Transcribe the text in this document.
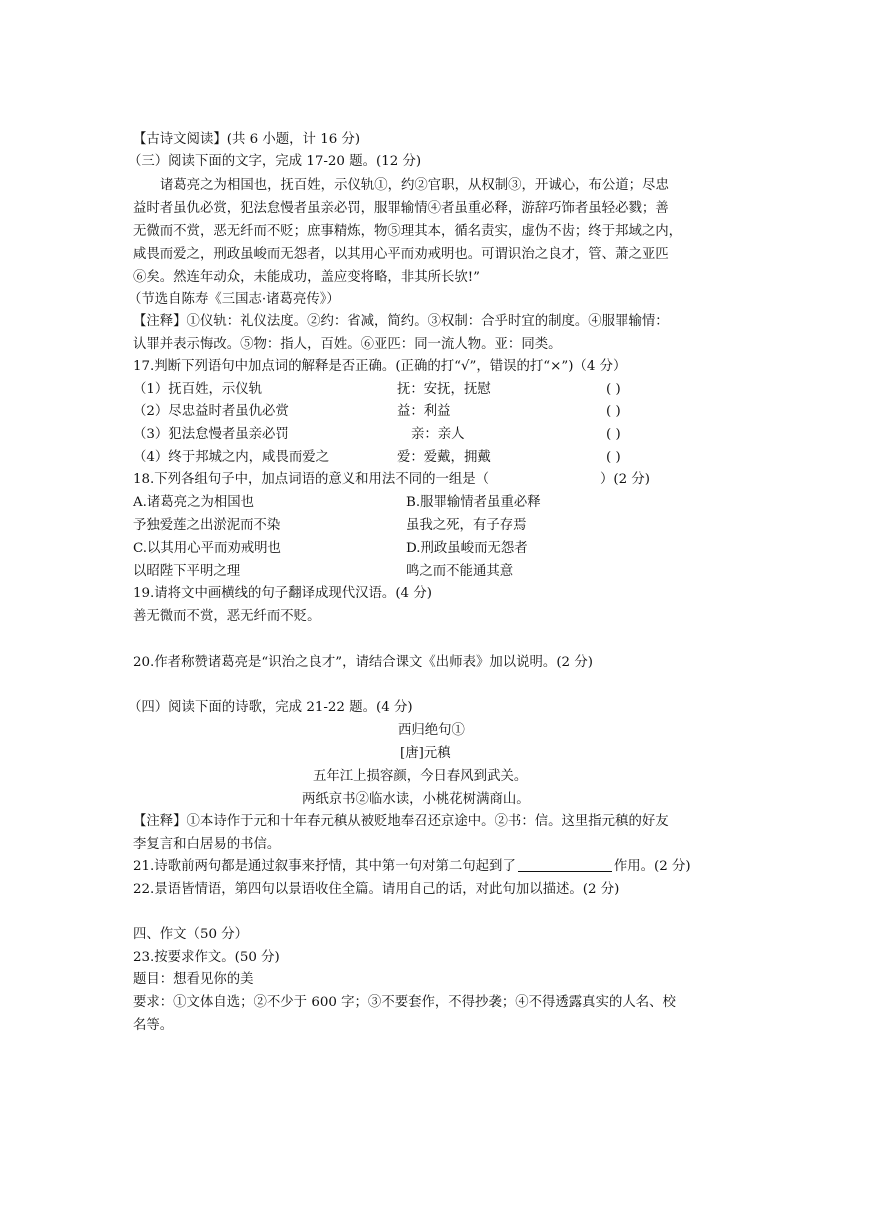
【古诗文阅读】(共 6 小题，计 16 分)
（三）阅读下面的文字，完成 17-20 题。(12 分)
诸葛亮之为相国也，抚百姓，示仪轨①，约②官职，从权制③，开诚心，布公道；尽忠
益时者虽仇必赏，犯法怠慢者虽亲必罚，服罪输情④者虽重必释，游辞巧饰者虽轻必戮；善
无微而不赏，恶无纤而不贬；庶事精炼，物⑤理其本，循名责实，虚伪不齿；终于邦域之内，
咸畏而爱之，刑政虽峻而无怨者，以其用心平而劝戒明也。可谓识治之良才，管、萧之亚匹
⑥矣。然连年动众，未能成功，盖应变将略，非其所长欤!”
（节选自陈寿《三国志·诸葛亮传》）
【注释】①仪轨：礼仪法度。②约：省减，简约。③权制：合乎时宜的制度。④服罪输情：
认罪并表示悔改。⑤物：指人，百姓。⑥亚匹：同一流人物。亚：同类。
17.判断下列语句中加点词的解释是否正确。(正确的打“√”，错误的打“×”)（4 分）
（1）抚百姓，示仪轨	抚：安抚，抚慰	( )
（2）尽忠益时者虽仇必赏	益：利益	( )
（3）犯法怠慢者虽亲必罚	亲：亲人	( )
（4）终于邦城之内，咸畏而爱之	爱：爱戴，拥戴	( )
18.下列各组句子中，加点词语的意义和用法不同的一组是（	）(2 分)
A.诸葛亮之为相国也	B.服罪输情者虽重必释
予独爱莲之出淤泥而不染	虽我之死，有子存焉
C.以其用心平而劝戒明也	D.刑政虽峻而无怨者
以昭陛下平明之理	鸣之而不能通其意
19.请将文中画横线的句子翻译成现代汉语。(4 分)
善无微而不赏，恶无纤而不贬。
20.作者称赞诸葛亮是“识治之良才”，请结合课文《出师表》加以说明。(2 分)
（四）阅读下面的诗歌，完成 21-22 题。(4 分)
西归绝句①
[唐]元稹
五年江上损容颜，今日春风到武关。
两纸京书②临水读，小桃花树满商山。
【注释】①本诗作于元和十年春元稹从被贬地奉召还京途中。②书：信。这里指元稹的好友
李复言和白居易的书信。
21.诗歌前两句都是通过叙事来抒情，其中第一句对第二句起到了	作用。(2 分)
22.景语皆情语，第四句以景语收住全篇。请用自己的话，对此句加以描述。(2 分)
四、作文（50 分）
23.按要求作文。(50 分)
题目：想看见你的美
要求：①文体自选；②不少于 600 字；③不要套作，不得抄袭；④不得透露真实的人名、校
名等。
